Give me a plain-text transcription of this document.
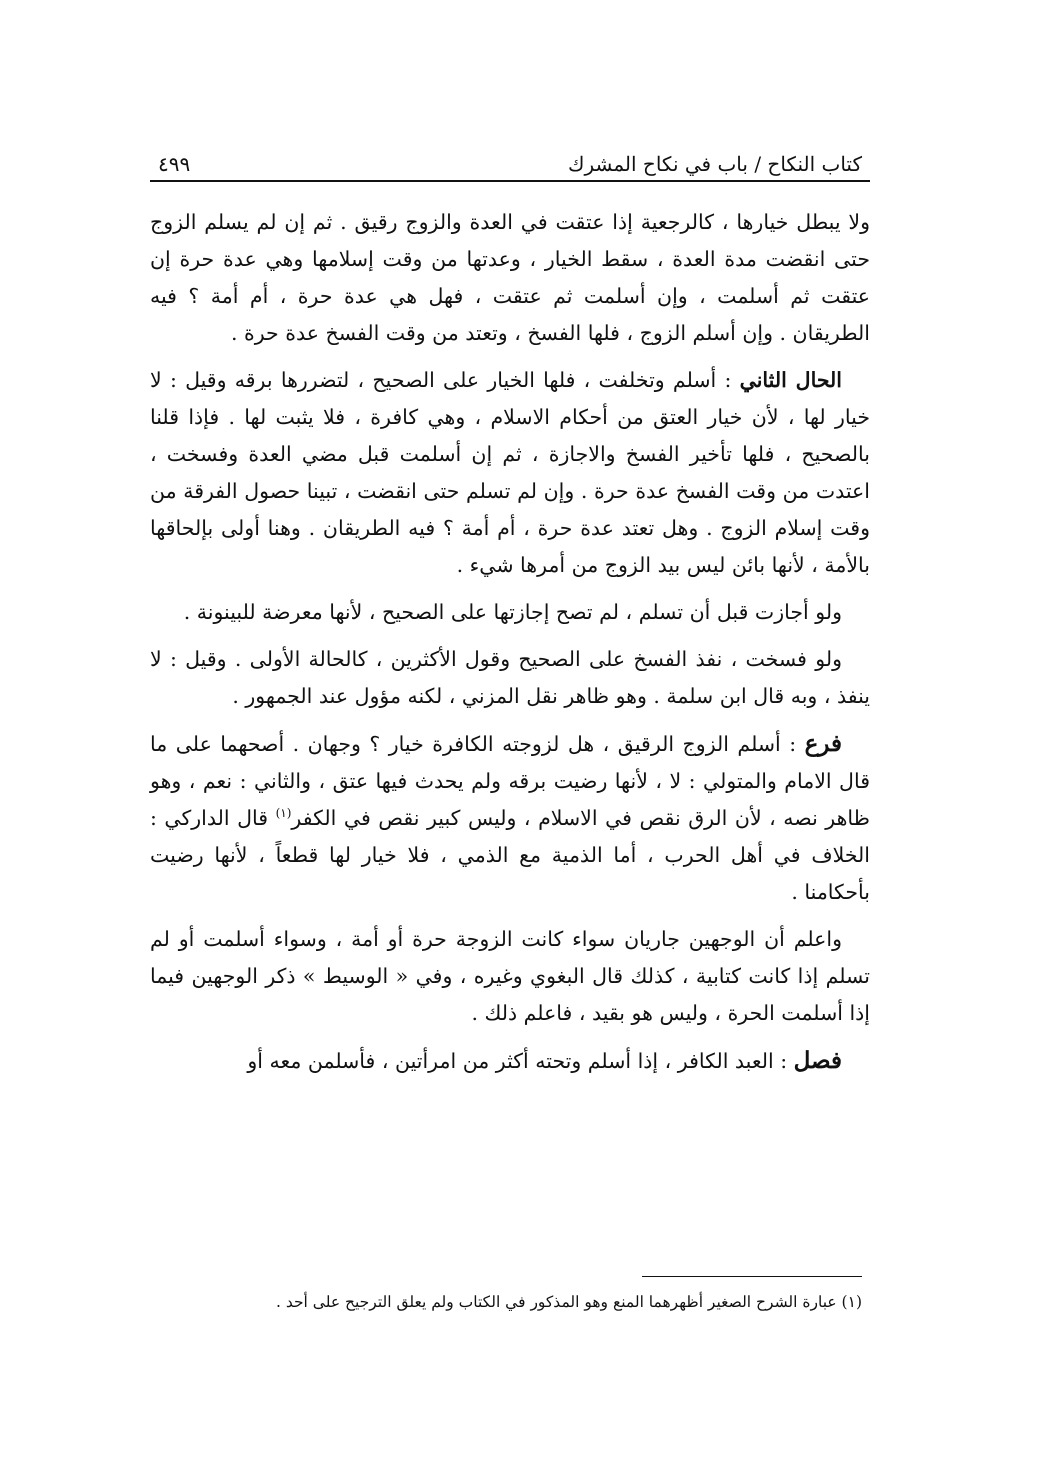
كتاب النكاح / باب في نكاح المشرك
٤٩٩

ولا يبطل خيارها ، كالرجعية إذا عتقت في العدة والزوج رقيق . ثم إن لم يسلم الزوج حتى انقضت مدة العدة ، سقط الخيار ، وعدتها من وقت إسلامها وهي عدة حرة إن عتقت ثم أسلمت ، وإن أسلمت ثم عتقت ، فهل هي عدة حرة ، أم أمة ؟ فيه الطريقان . وإن أسلم الزوج ، فلها الفسخ ، وتعتد من وقت الفسخ عدة حرة .

الحال الثاني : أسلم وتخلفت ، فلها الخيار على الصحيح ، لتضررها برقه وقيل : لا خيار لها ، لأن خيار العتق من أحكام الاسلام ، وهي كافرة ، فلا يثبت لها . فإذا قلنا بالصحيح ، فلها تأخير الفسخ والاجازة ، ثم إن أسلمت قبل مضي العدة وفسخت ، اعتدت من وقت الفسخ عدة حرة . وإن لم تسلم حتى انقضت ، تبينا حصول الفرقة من وقت إسلام الزوج . وهل تعتد عدة حرة ، أم أمة ؟ فيه الطريقان . وهنا أولى بإلحاقها بالأمة ، لأنها بائن ليس بيد الزوج من أمرها شيء .

ولو أجازت قبل أن تسلم ، لم تصح إجازتها على الصحيح ، لأنها معرضة للبينونة .

ولو فسخت ، نفذ الفسخ على الصحيح وقول الأكثرين ، كالحالة الأولى . وقيل : لا ينفذ ، وبه قال ابن سلمة . وهو ظاهر نقل المزني ، لكنه مؤول عند الجمهور .

فرع : أسلم الزوج الرقيق ، هل لزوجته الكافرة خيار ؟ وجهان . أصحهما على ما قال الامام والمتولي : لا ، لأنها رضيت برقه ولم يحدث فيها عتق ، والثاني : نعم ، وهو ظاهر نصه ، لأن الرق نقص في الاسلام ، وليس كبير نقص في الكفر$^{(١)}$ قال الداركي : الخلاف في أهل الحرب ، أما الذمية مع الذمي ، فلا خيار لها قطعاً ، لأنها رضيت بأحكامنا .

واعلم أن الوجهين جاريان سواء كانت الزوجة حرة أو أمة ، وسواء أسلمت أو لم تسلم إذا كانت كتابية ، كذلك قال البغوي وغيره ، وفي « الوسيط » ذكر الوجهين فيما إذا أسلمت الحرة ، وليس هو بقيد ، فاعلم ذلك .

فصل : العبد الكافر ، إذا أسلم وتحته أكثر من امرأتين ، فأسلمن معه أو

(١) عبارة الشرح الصغير أظهرهما المنع وهو المذكور في الكتاب ولم يعلق الترجيح على أحد .
